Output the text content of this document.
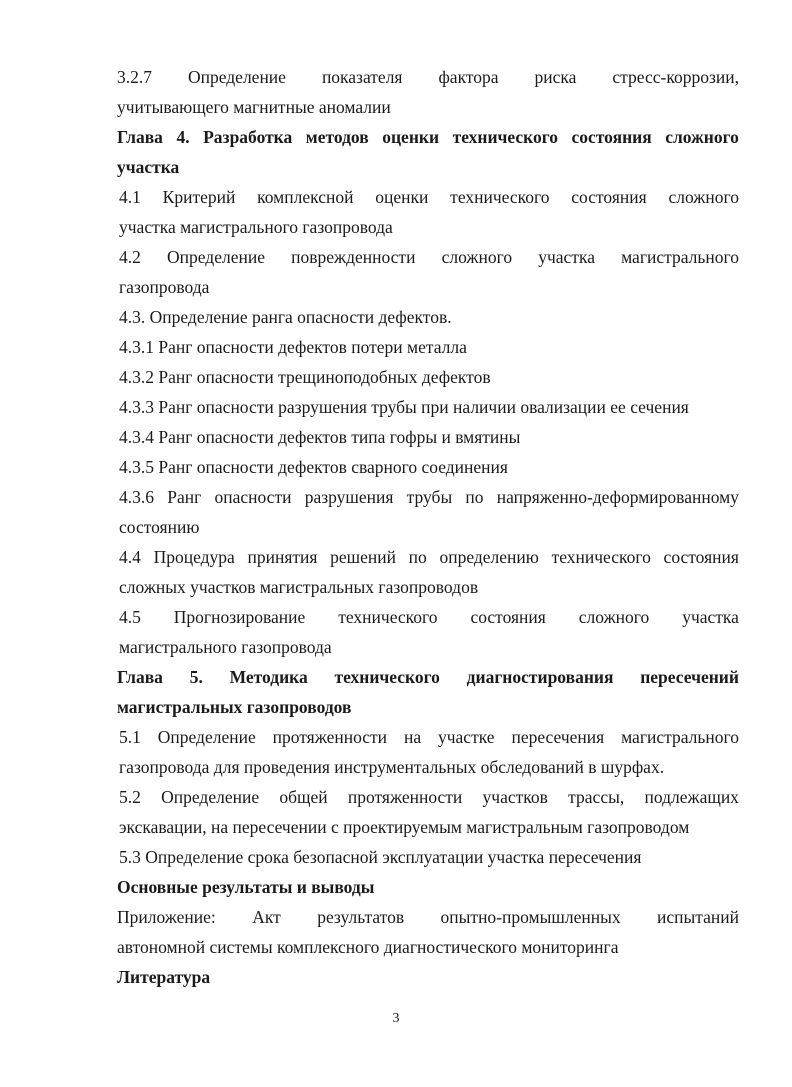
3.2.7 Определение показателя фактора риска стресс-коррозии,
учитывающего магнитные аномалии
Глава 4. Разработка методов оценки технического состояния сложного
участка
4.1 Критерий комплексной оценки технического состояния сложного
участка магистрального газопровода
4.2 Определение поврежденности сложного участка магистрального
газопровода
4.3. Определение ранга опасности дефектов.
4.3.1 Ранг опасности дефектов потери металла
4.3.2 Ранг опасности трещиноподобных дефектов
4.3.3 Ранг опасности разрушения трубы при наличии овализации ее сечения
4.3.4 Ранг опасности дефектов типа гофры и вмятины
4.3.5 Ранг опасности дефектов сварного соединения
4.3.6 Ранг опасности разрушения трубы по напряженно-деформированному
состоянию
4.4 Процедура принятия решений по определению технического состояния
сложных участков магистральных газопроводов
4.5 Прогнозирование технического состояния сложного участка
магистрального газопровода
Глава 5. Методика технического диагностирования пересечений
магистральных газопроводов
5.1 Определение протяженности на участке пересечения магистрального
газопровода для проведения инструментальных обследований в шурфах.
5.2 Определение общей протяженности участков трассы, подлежащих
экскавации, на пересечении с проектируемым магистральным газопроводом
5.3 Определение срока безопасной эксплуатации участка пересечения
Основные результаты и выводы
Приложение: Акт результатов опытно-промышленных испытаний
автономной системы комплексного диагностического мониторинга
Литература
3
